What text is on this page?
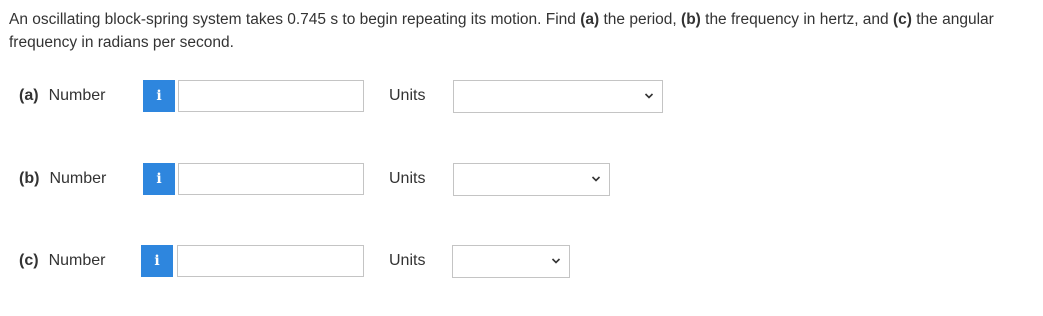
An oscillating block-spring system takes 0.745 s to begin repeating its motion. Find (a) the period, (b) the frequency in hertz, and (c) the angular frequency in radians per second.
(a) Number	i	Units
(b) Number	i	Units
(c) Number	i	Units
